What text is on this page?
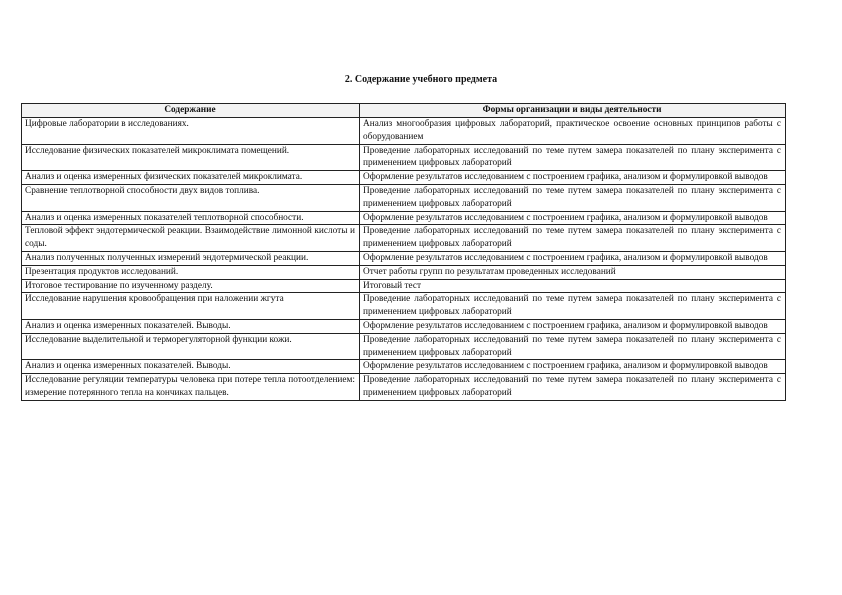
2. Содержание учебного предмета
Содержание	Формы организации и виды деятельности
Цифровые лаборатории в исследованиях.	Анализ многообразия цифровых лабораторий, практическое освоение основных принципов работы с оборудованием
Исследование физических показателей микроклимата помещений.	Проведение лабораторных исследований по теме путем замера показателей по плану эксперимента с применением цифровых лабораторий
Анализ и оценка измеренных физических показателей микроклимата.	Оформление результатов исследованием с построением графика, анализом и формулировкой выводов
Сравнение теплотворной способности двух видов топлива.	Проведение лабораторных исследований по теме путем замера показателей по плану эксперимента с применением цифровых лабораторий
Анализ и оценка измеренных показателей теплотворной способности.	Оформление результатов исследованием с построением графика, анализом и формулировкой выводов
Тепловой эффект эндотермической реакции. Взаимодействие лимонной кислоты и соды.	Проведение лабораторных исследований по теме путем замера показателей по плану эксперимента с применением цифровых лабораторий
Анализ полученных полученных измерений эндотермической реакции.	Оформление результатов исследованием с построением графика, анализом и формулировкой выводов
Презентация продуктов исследований.	Отчет работы групп по результатам проведенных исследований
Итоговое тестирование по изученному разделу.	Итоговый тест
Исследование нарушения кровообращения при наложении жгута	Проведение лабораторных исследований по теме путем замера показателей по плану эксперимента с применением цифровых лабораторий
Анализ и оценка измеренных показателей. Выводы.	Оформление результатов исследованием с построением графика, анализом и формулировкой выводов
Исследование выделительной и терморегуляторной функции кожи.	Проведение лабораторных исследований по теме путем замера показателей по плану эксперимента с применением цифровых лабораторий
Анализ и оценка измеренных показателей. Выводы.	Оформление результатов исследованием с построением графика, анализом и формулировкой выводов
Исследование регуляции температуры человека при потере тепла потоотделением: измерение потерянного тепла на кончиках пальцев.	Проведение лабораторных исследований по теме путем замера показателей по плану эксперимента с применением цифровых лабораторий
